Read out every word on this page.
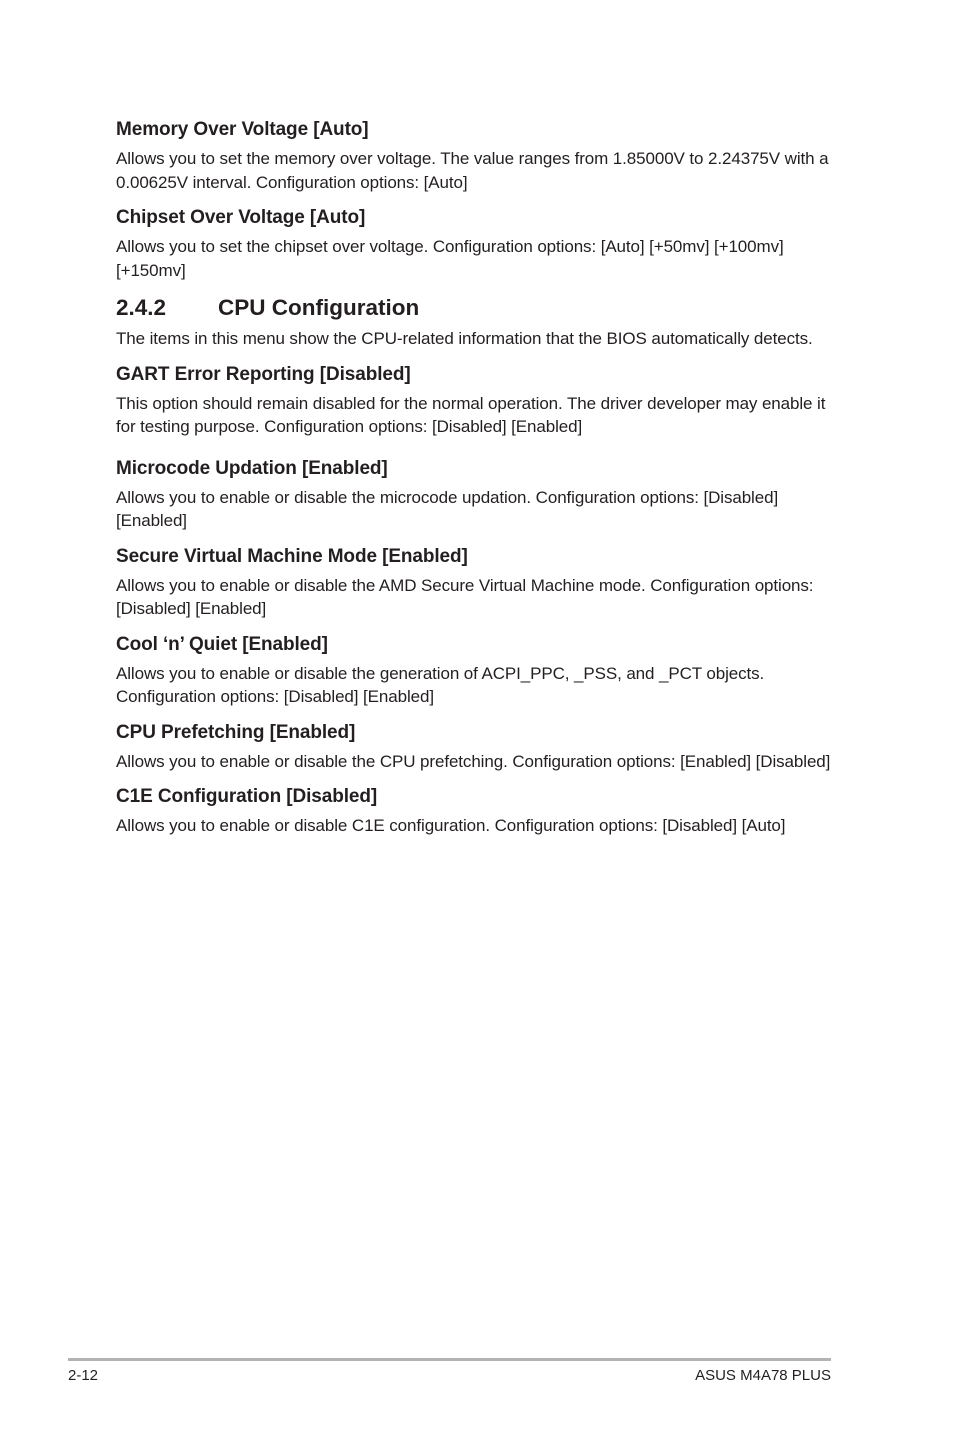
Memory Over Voltage [Auto]
Allows you to set the memory over voltage. The value ranges from 1.85000V to 2.24375V with a 0.00625V interval. Configuration options: [Auto]
Chipset Over Voltage [Auto]
Allows you to set the chipset over voltage. Configuration options: [Auto] [+50mv] [+100mv] [+150mv]
2.4.2	CPU Configuration
The items in this menu show the CPU-related information that the BIOS automatically detects.
GART Error Reporting [Disabled]
This option should remain disabled for the normal operation. The driver developer may enable it for testing purpose. Configuration options: [Disabled] [Enabled]
Microcode Updation [Enabled]
Allows you to enable or disable the microcode updation. Configuration options: [Disabled] [Enabled]
Secure Virtual Machine Mode [Enabled]
Allows you to enable or disable the AMD Secure Virtual Machine mode. Configuration options: [Disabled] [Enabled]
Cool ‘n’ Quiet [Enabled]
Allows you to enable or disable the generation of ACPI_PPC, _PSS, and _PCT objects. Configuration options: [Disabled] [Enabled]
CPU Prefetching [Enabled]
Allows you to enable or disable the CPU prefetching. Configuration options: [Enabled] [Disabled]
C1E Configuration [Disabled]
Allows you to enable or disable C1E configuration. Configuration options: [Disabled] [Auto]
2-12	ASUS M4A78 PLUS
